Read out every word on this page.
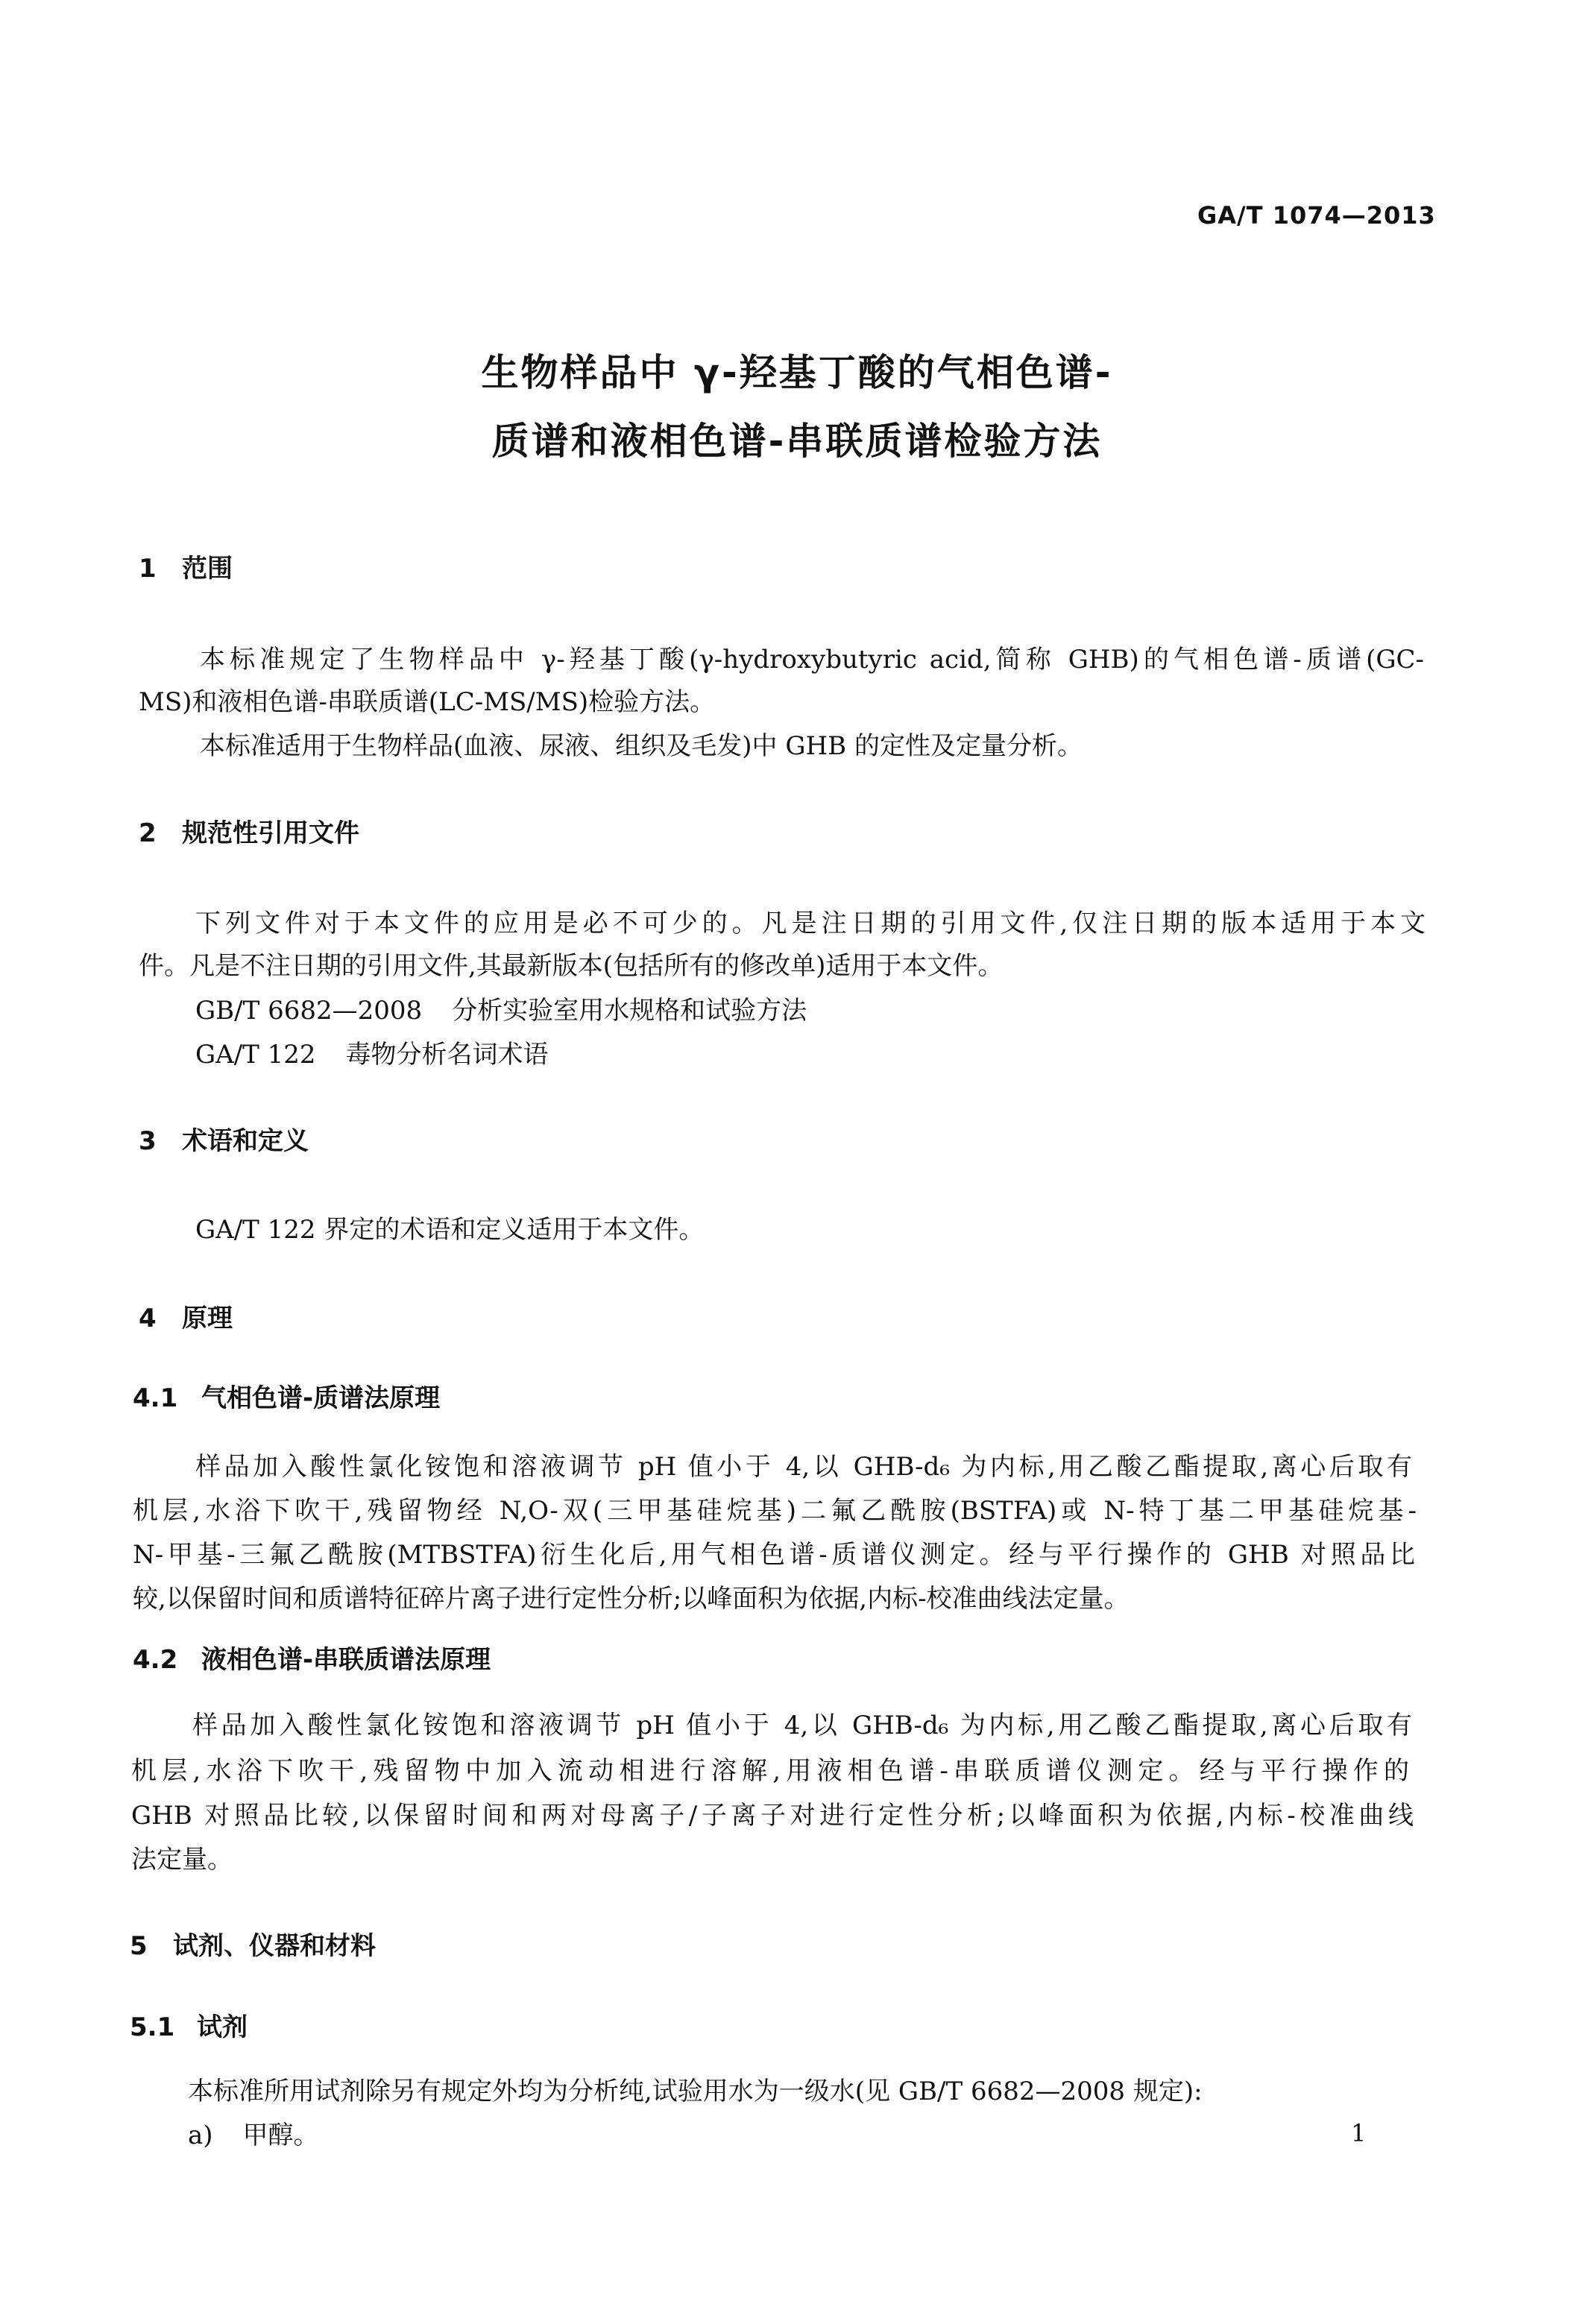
GA/T 1074—2013
生物样品中 γ-羟基丁酸的气相色谱-
质谱和液相色谱-串联质谱检验方法
1 范围
本标准规定了生物样品中 γ-羟基丁酸(γ-hydroxybutyric acid,简称 GHB)的气相色谱-质谱(GC-
MS)和液相色谱-串联质谱(LC-MS/MS)检验方法。
本标准适用于生物样品(血液、尿液、组织及毛发)中 GHB 的定性及定量分析。
2 规范性引用文件
下列文件对于本文件的应用是必不可少的。凡是注日期的引用文件,仅注日期的版本适用于本文
件。凡是不注日期的引用文件,其最新版本(包括所有的修改单)适用于本文件。
GB/T 6682—2008 分析实验室用水规格和试验方法
GA/T 122 毒物分析名词术语
3 术语和定义
GA/T 122 界定的术语和定义适用于本文件。
4 原理
4.1 气相色谱-质谱法原理
样品加入酸性氯化铵饱和溶液调节 pH 值小于 4,以 GHB-d₆ 为内标,用乙酸乙酯提取,离心后取有
机层,水浴下吹干,残留物经 N,O-双(三甲基硅烷基)二氟乙酰胺(BSTFA)或 N-特丁基二甲基硅烷基-
N-甲基-三氟乙酰胺(MTBSTFA)衍生化后,用气相色谱-质谱仪测定。经与平行操作的 GHB 对照品比
较,以保留时间和质谱特征碎片离子进行定性分析;以峰面积为依据,内标-校准曲线法定量。
4.2 液相色谱-串联质谱法原理
样品加入酸性氯化铵饱和溶液调节 pH 值小于 4,以 GHB-d₆ 为内标,用乙酸乙酯提取,离心后取有
机层,水浴下吹干,残留物中加入流动相进行溶解,用液相色谱-串联质谱仪测定。经与平行操作的
GHB 对照品比较,以保留时间和两对母离子/子离子对进行定性分析;以峰面积为依据,内标-校准曲线
法定量。
5 试剂、仪器和材料
5.1 试剂
本标准所用试剂除另有规定外均为分析纯,试验用水为一级水(见 GB/T 6682—2008 规定):
a) 甲醇。	1
